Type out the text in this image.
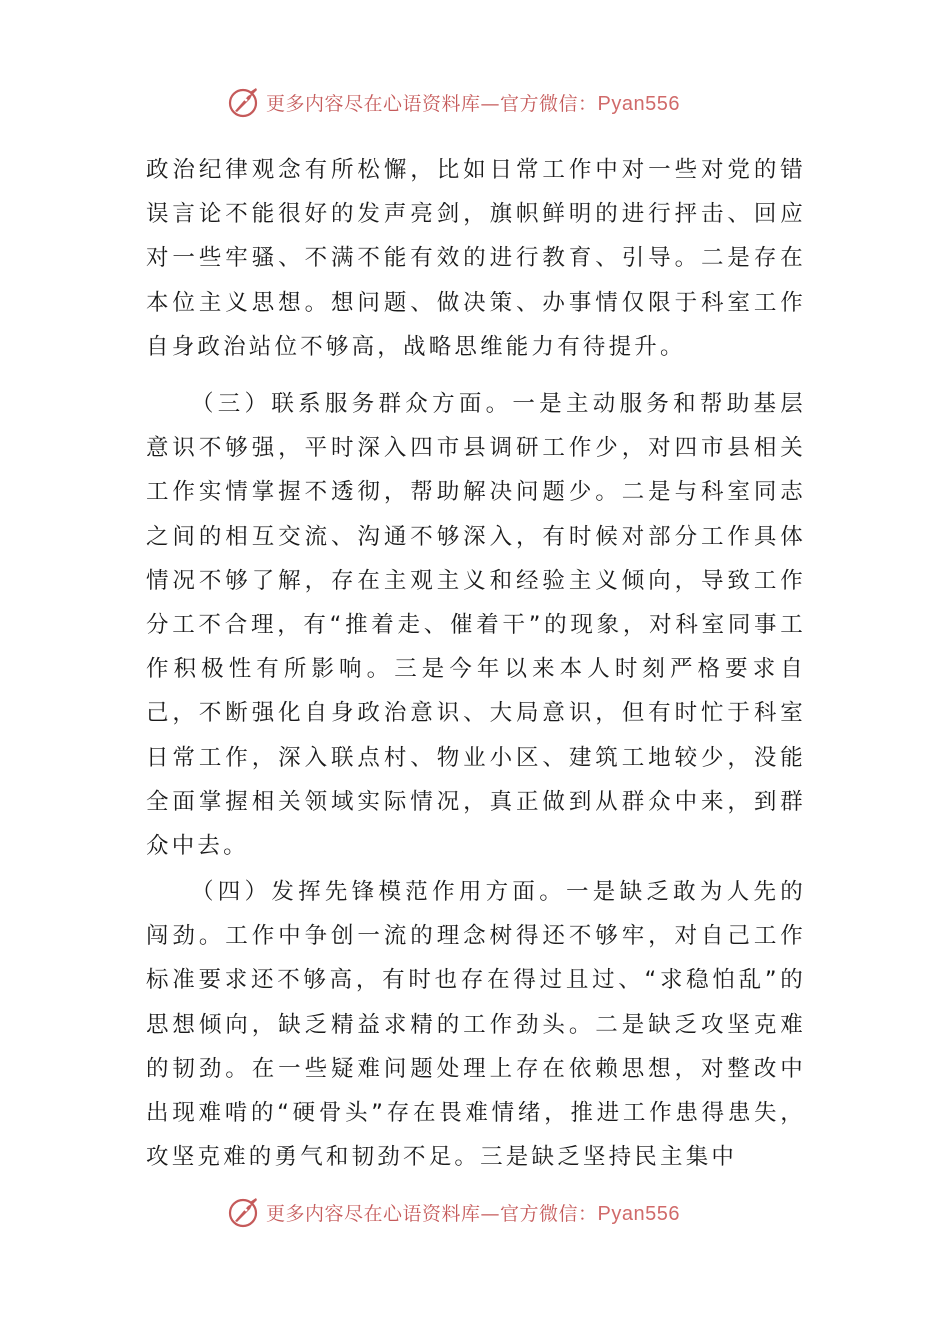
更多内容尽在心语资料库—官方微信：Pyan556

政治纪律观念有所松懈，比如日常工作中对一些对党的错误言论不能很好的发声亮剑，旗帜鲜明的进行抨击、回应对一些牢骚、不满不能有效的进行教育、引导。二是存在本位主义思想。想问题、做决策、办事情仅限于科室工作自身政治站位不够高，战略思维能力有待提升。

（三）联系服务群众方面。一是主动服务和帮助基层意识不够强，平时深入四市县调研工作少，对四市县相关工作实情掌握不透彻，帮助解决问题少。二是与科室同志之间的相互交流、沟通不够深入，有时候对部分工作具体情况不够了解，存在主观主义和经验主义倾向，导致工作分工不合理，有“推着走、催着干”的现象，对科室同事工作积极性有所影响。三是今年以来本人时刻严格要求自己，不断强化自身政治意识、大局意识，但有时忙于科室日常工作，深入联点村、物业小区、建筑工地较少，没能全面掌握相关领域实际情况，真正做到从群众中来，到群众中去。

（四）发挥先锋模范作用方面。一是缺乏敢为人先的闯劲。工作中争创一流的理念树得还不够牢，对自己工作标准要求还不够高，有时也存在得过且过、“求稳怕乱”的思想倾向，缺乏精益求精的工作劲头。二是缺乏攻坚克难的韧劲。在一些疑难问题处理上存在依赖思想，对整改中出现难啃的“硬骨头”存在畏难情绪，推进工作患得患失，攻坚克难的勇气和韧劲不足。三是缺乏坚持民主集中

更多内容尽在心语资料库—官方微信：Pyan556
